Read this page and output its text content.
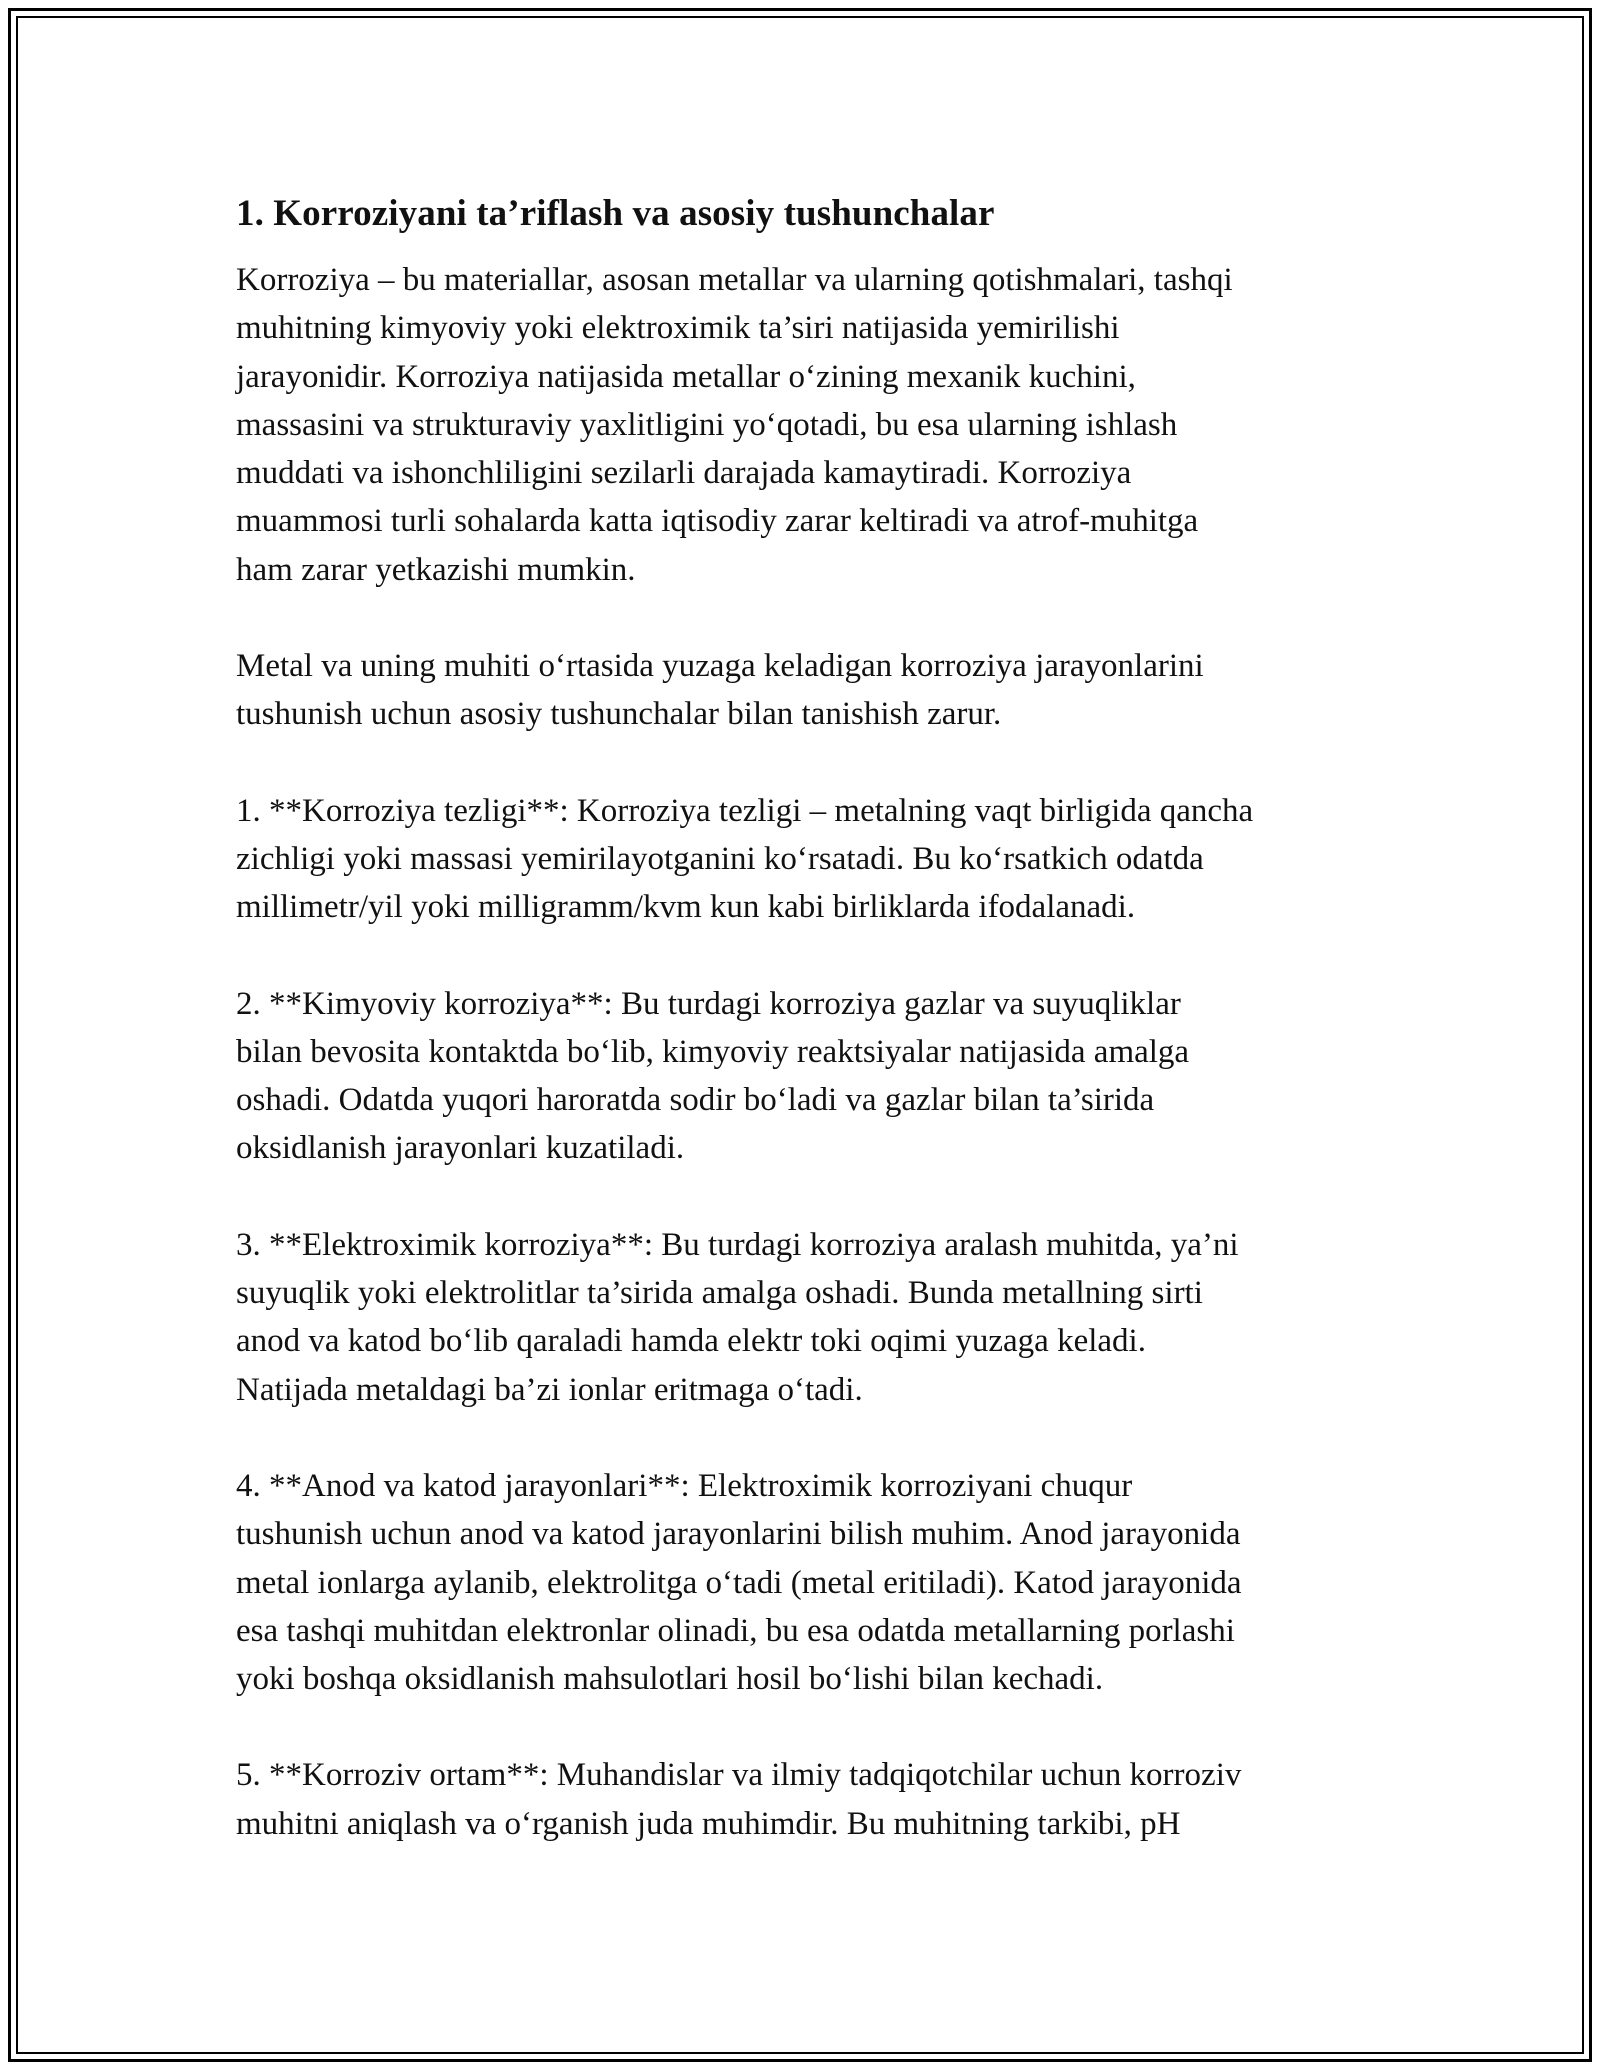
1. Korroziyani ta’riflash va asosiy tushunchalar

Korroziya – bu materiallar, asosan metallar va ularning qotishmalari, tashqi
muhitning kimyoviy yoki elektroximik ta’siri natijasida yemirilishi
jarayonidir. Korroziya natijasida metallar o‘zining mexanik kuchini,
massasini va strukturaviy yaxlitligini yo‘qotadi, bu esa ularning ishlash
muddati va ishonchliligini sezilarli darajada kamaytiradi. Korroziya
muammosi turli sohalarda katta iqtisodiy zarar keltiradi va atrof-muhitga
ham zarar yetkazishi mumkin.

Metal va uning muhiti o‘rtasida yuzaga keladigan korroziya jarayonlarini
tushunish uchun asosiy tushunchalar bilan tanishish zarur.

1. **Korroziya tezligi**: Korroziya tezligi – metalning vaqt birligida qancha
zichligi yoki massasi yemirilayotganini ko‘rsatadi. Bu ko‘rsatkich odatda
millimetr/yil yoki milligramm/kvm kun kabi birliklarda ifodalanadi.

2. **Kimyoviy korroziya**: Bu turdagi korroziya gazlar va suyuqliklar
bilan bevosita kontaktda bo‘lib, kimyoviy reaktsiyalar natijasida amalga
oshadi. Odatda yuqori haroratda sodir bo‘ladi va gazlar bilan ta’sirida
oksidlanish jarayonlari kuzatiladi.

3. **Elektroximik korroziya**: Bu turdagi korroziya aralash muhitda, ya’ni
suyuqlik yoki elektrolitlar ta’sirida amalga oshadi. Bunda metallning sirti
anod va katod bo‘lib qaraladi hamda elektr toki oqimi yuzaga keladi.
Natijada metaldagi ba’zi ionlar eritmaga o‘tadi.

4. **Anod va katod jarayonlari**: Elektroximik korroziyani chuqur
tushunish uchun anod va katod jarayonlarini bilish muhim. Anod jarayonida
metal ionlarga aylanib, elektrolitga o‘tadi (metal eritiladi). Katod jarayonida
esa tashqi muhitdan elektronlar olinadi, bu esa odatda metallarning porlashi
yoki boshqa oksidlanish mahsulotlari hosil bo‘lishi bilan kechadi.

5. **Korroziv ortam**: Muhandislar va ilmiy tadqiqotchilar uchun korroziv
muhitni aniqlash va o‘rganish juda muhimdir. Bu muhitning tarkibi, pH
